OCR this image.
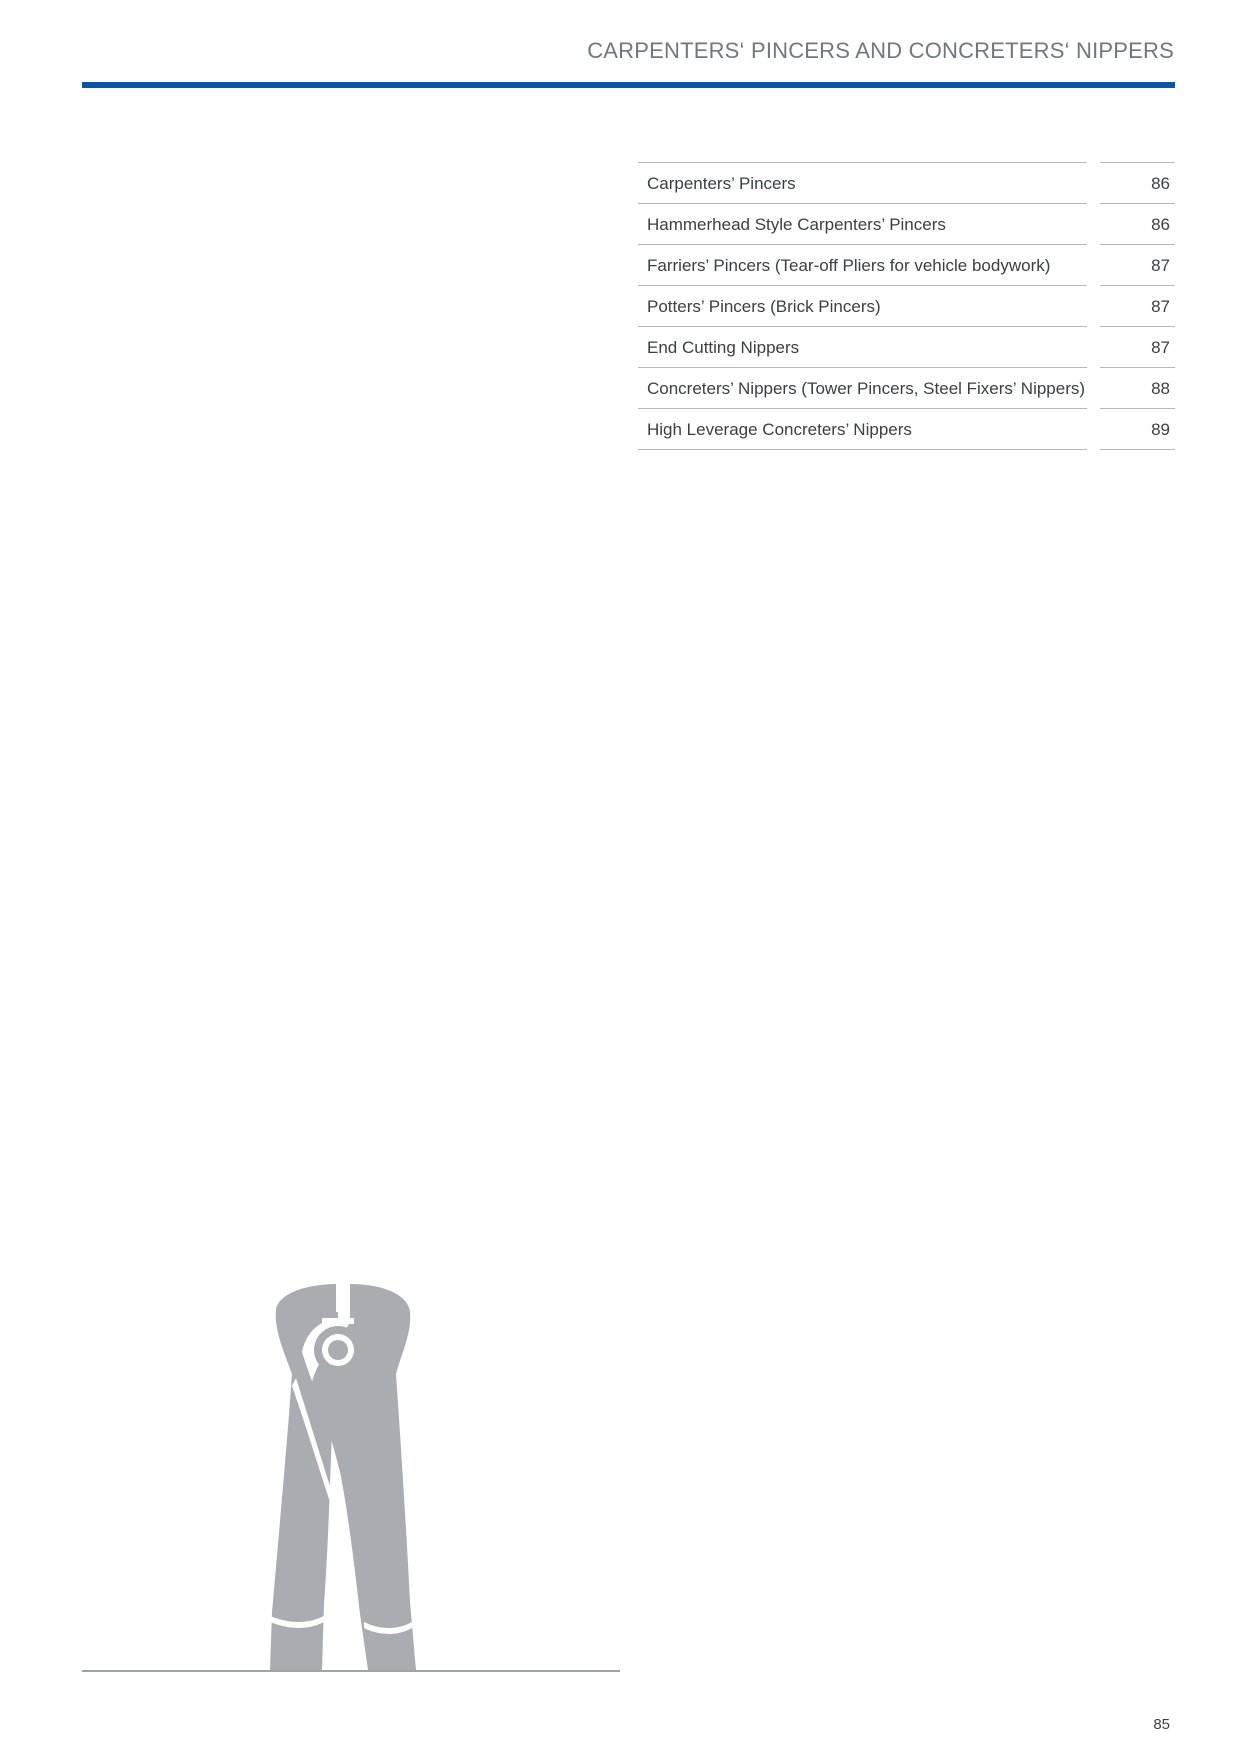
CARPENTERS‘ PINCERS AND CONCRETERS‘ NIPPERS
Carpenters’ Pincers	86
Hammerhead Style Carpenters’ Pincers	86
Farriers’ Pincers (Tear-off Pliers for vehicle bodywork)	87
Potters’ Pincers (Brick Pincers)	87
End Cutting Nippers	87
Concreters’ Nippers (Tower Pincers, Steel Fixers’ Nippers)	88
High Leverage Concreters’ Nippers	89
85
